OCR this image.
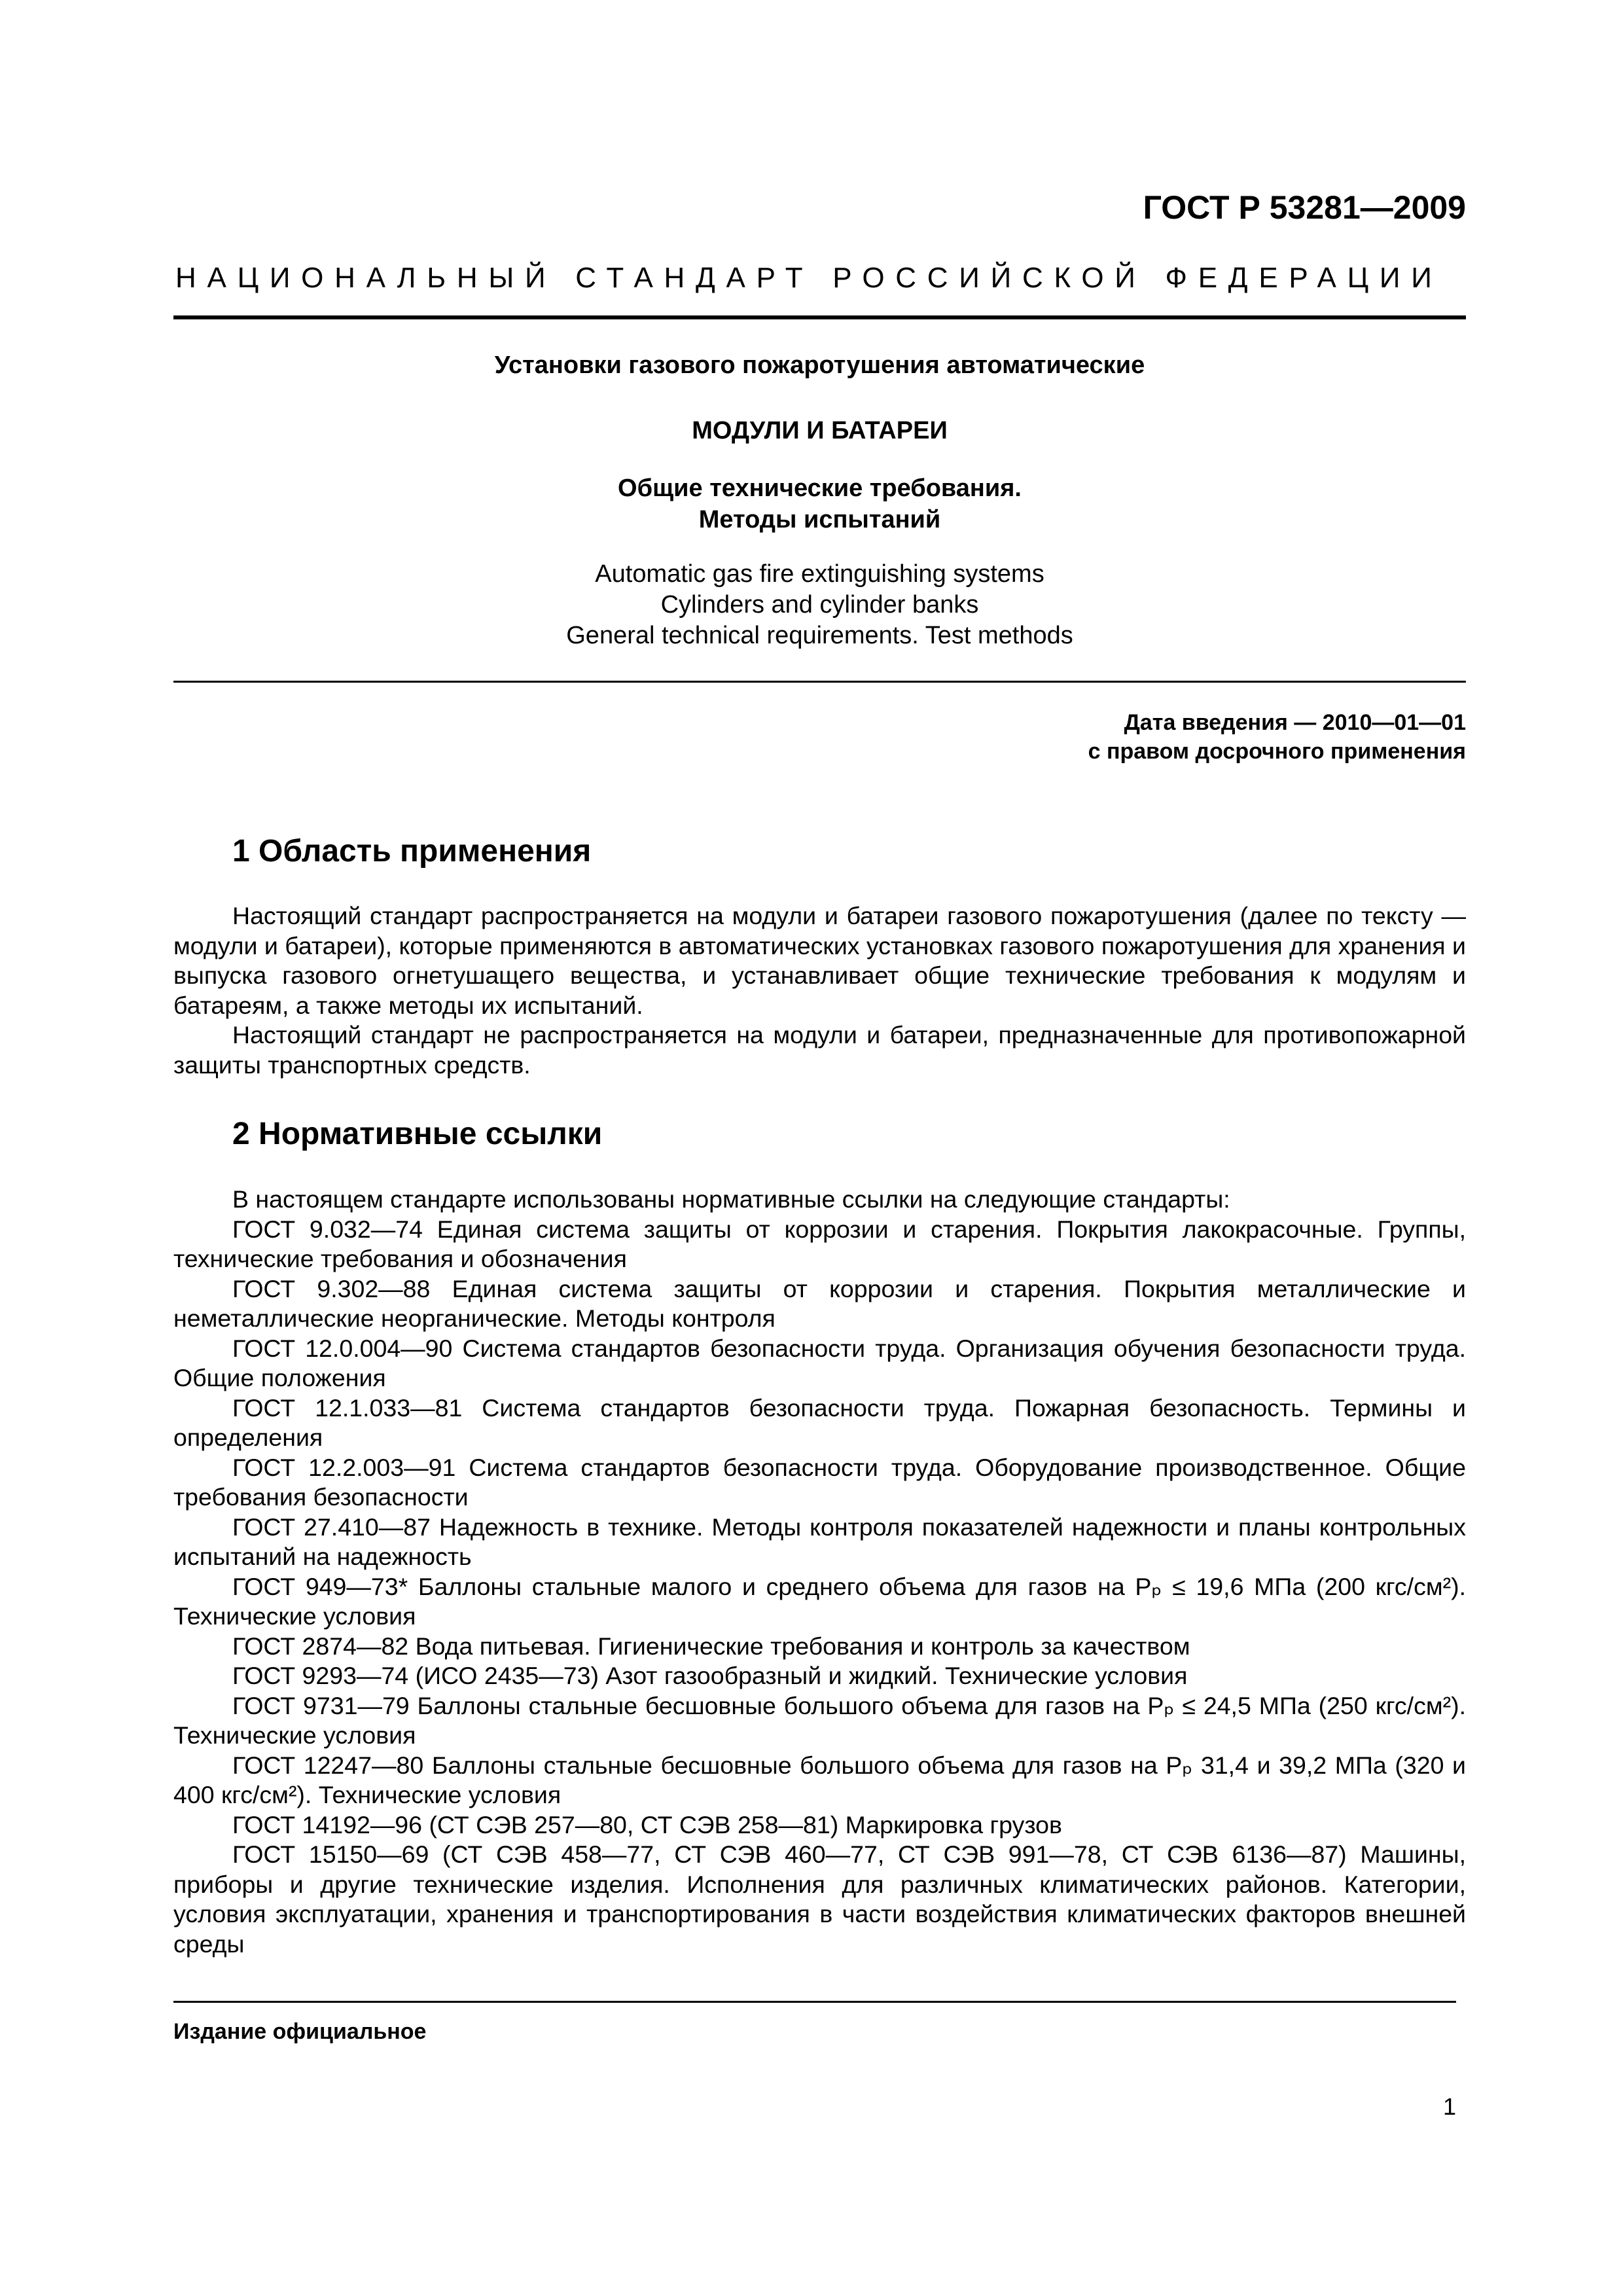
ГОСТ Р 53281—2009
НАЦИОНАЛЬНЫЙ СТАНДАРТ РОССИЙСКОЙ ФЕДЕРАЦИИ
Установки газового пожаротушения автоматические
МОДУЛИ И БАТАРЕИ
Общие технические требования.
Методы испытаний
Automatic gas fire extinguishing systems
Cylinders and cylinder banks
General technical requirements. Test methods
Дата введения — 2010—01—01
с правом досрочного применения
1 Область применения

Настоящий стандарт распространяется на модули и батареи газового пожаротушения (далее по тексту — модули и батареи), которые применяются в автоматических установках газового пожаротушения для хранения и выпуска газового огнетушащего вещества, и устанавливает общие технические требования к модулям и батареям, а также методы их испытаний.

Настоящий стандарт не распространяется на модули и батареи, предназначенные для противопожарной защиты транспортных средств.

2 Нормативные ссылки

В настоящем стандарте использованы нормативные ссылки на следующие стандарты:

ГОСТ 9.032—74 Единая система защиты от коррозии и старения. Покрытия лакокрасочные. Группы, технические требования и обозначения

ГОСТ 9.302—88 Единая система защиты от коррозии и старения. Покрытия металлические и неметаллические неорганические. Методы контроля

ГОСТ 12.0.004—90 Система стандартов безопасности труда. Организация обучения безопасности труда. Общие положения

ГОСТ 12.1.033—81 Система стандартов безопасности труда. Пожарная безопасность. Термины и определения

ГОСТ 12.2.003—91 Система стандартов безопасности труда. Оборудование производственное. Общие требования безопасности

ГОСТ 27.410—87 Надежность в технике. Методы контроля показателей надежности и планы контрольных испытаний на надежность

ГОСТ 949—73* Баллоны стальные малого и среднего объема для газов на Pₚ ≤ 19,6 МПа (200 кгс/см²). Технические условия

ГОСТ 2874—82 Вода питьевая. Гигиенические требования и контроль за качеством

ГОСТ 9293—74 (ИСО 2435—73) Азот газообразный и жидкий. Технические условия

ГОСТ 9731—79 Баллоны стальные бесшовные большого объема для газов на Pₚ ≤ 24,5 МПа (250 кгс/см²). Технические условия

ГОСТ 12247—80 Баллоны стальные бесшовные большого объема для газов на Pₚ 31,4 и 39,2 МПа (320 и 400 кгс/см²). Технические условия

ГОСТ 14192—96 (СТ СЭВ 257—80, СТ СЭВ 258—81) Маркировка грузов

ГОСТ 15150—69 (СТ СЭВ 458—77, СТ СЭВ 460—77, СТ СЭВ 991—78, СТ СЭВ 6136—87) Машины, приборы и другие технические изделия. Исполнения для различных климатических районов. Категории, условия эксплуатации, хранения и транспортирования в части воздействия климатических факторов внешней среды

Издание официальное
1
